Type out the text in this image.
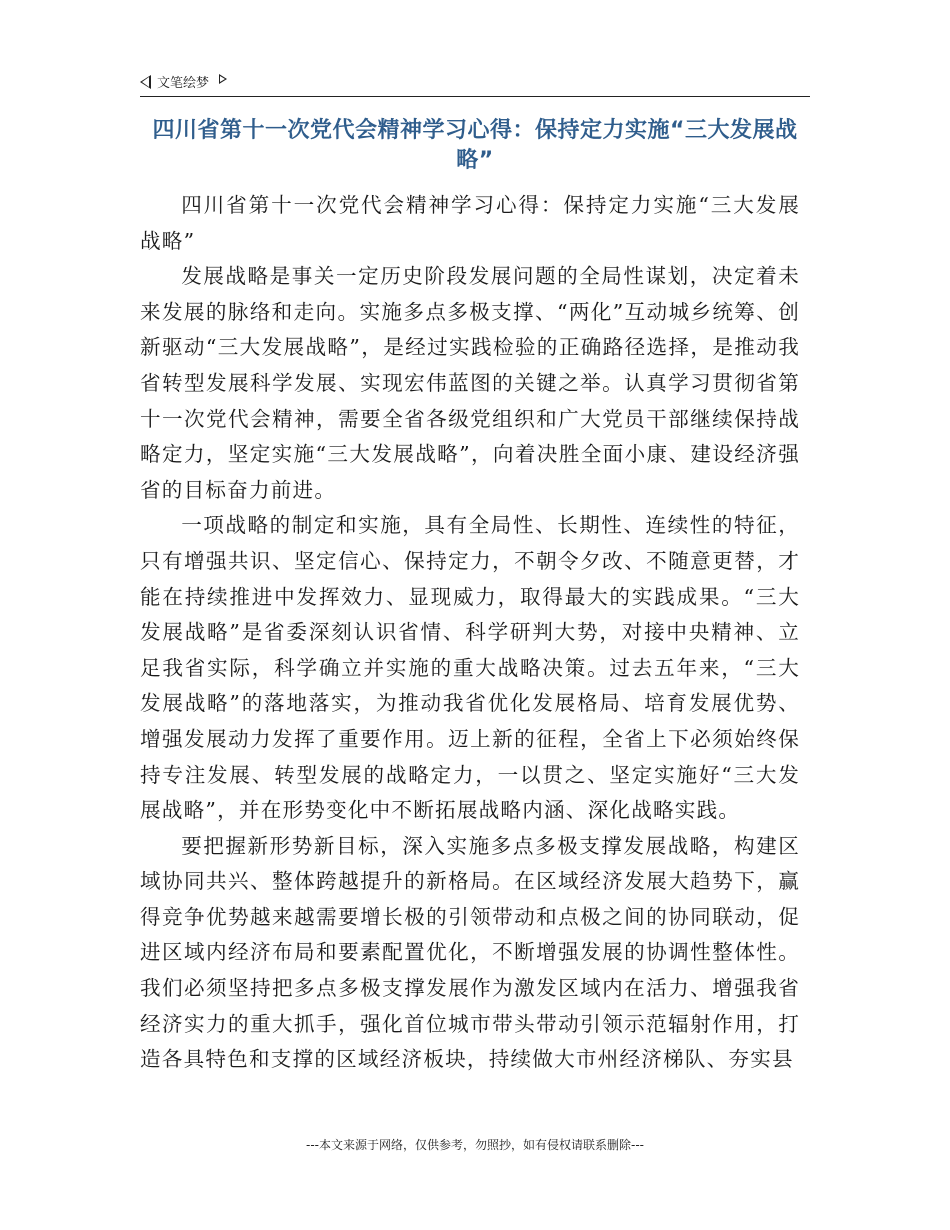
文笔绘梦
四川省第十一次党代会精神学习心得：保持定力实施“三大发展战略”

四川省第十一次党代会精神学习心得：保持定力实施“三大发展战略”

发展战略是事关一定历史阶段发展问题的全局性谋划，决定着未来发展的脉络和走向。实施多点多极支撑、“两化”互动城乡统筹、创新驱动“三大发展战略”，是经过实践检验的正确路径选择，是推动我省转型发展科学发展、实现宏伟蓝图的关键之举。认真学习贯彻省第十一次党代会精神，需要全省各级党组织和广大党员干部继续保持战略定力，坚定实施“三大发展战略”，向着决胜全面小康、建设经济强省的目标奋力前进。

一项战略的制定和实施，具有全局性、长期性、连续性的特征，只有增强共识、坚定信心、保持定力，不朝令夕改、不随意更替，才能在持续推进中发挥效力、显现威力，取得最大的实践成果。“三大发展战略”是省委深刻认识省情、科学研判大势，对接中央精神、立足我省实际，科学确立并实施的重大战略决策。过去五年来，“三大发展战略”的落地落实，为推动我省优化发展格局、培育发展优势、增强发展动力发挥了重要作用。迈上新的征程，全省上下必须始终保持专注发展、转型发展的战略定力，一以贯之、坚定实施好“三大发展战略”，并在形势变化中不断拓展战略内涵、深化战略实践。

要把握新形势新目标，深入实施多点多极支撑发展战略，构建区域协同共兴、整体跨越提升的新格局。在区域经济发展大趋势下，赢得竞争优势越来越需要增长极的引领带动和点极之间的协同联动，促进区域内经济布局和要素配置优化，不断增强发展的协调性整体性。我们必须坚持把多点多极支撑发展作为激发区域内在活力、增强我省经济实力的重大抓手，强化首位城市带头带动引领示范辐射作用，打造各具特色和支撑的区域经济板块，持续做大市州经济梯队、夯实县

---本文来源于网络，仅供参考，勿照抄，如有侵权请联系删除---
